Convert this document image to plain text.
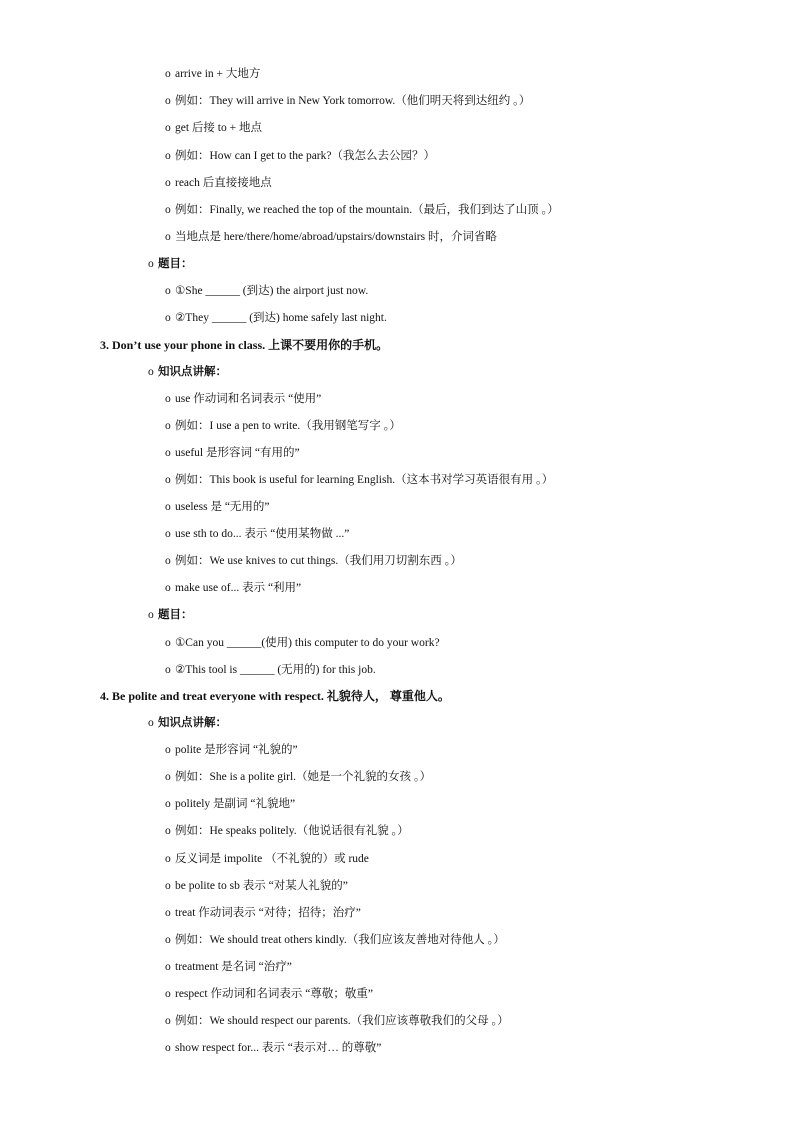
o arrive in + 大地方
o 例如：They will arrive in New York tomorrow.（他们明天将到达纽约 。）
o get 后接 to + 地点
o 例如：How can I get to the park?（我怎么去公园？）
o reach 后直接接地点
o 例如：Finally, we reached the top of the mountain.（最后，我们到达了山顶 。）
o 当地点是 here/there/home/abroad/upstairs/downstairs 时，介词省略
o 题目：
o ①She ______ (到达) the airport just now.
o ②They ______ (到达) home safely last night.
3. Don’t use your phone in class. 上课不要用你的手机。
o 知识点讲解：
o use 作动词和名词表示 “使用”
o 例如：I use a pen to write.（我用钢笔写字 。）
o useful 是形容词 “有用的”
o 例如：This book is useful for learning English.（这本书对学习英语很有用 。）
o useless 是 “无用的”
o use sth to do... 表示 “使用某物做 ...”
o 例如：We use knives to cut things.（我们用刀切割东西 。）
o make use of... 表示 “利用”
o 题目：
o ①Can you ______(使用) this computer to do your work?
o ②This tool is ______ (无用的) for this job.
4. Be polite and treat everyone with respect. 礼貌待人， 尊重他人。
o 知识点讲解：
o polite 是形容词 “礼貌的”
o 例如：She is a polite girl.（她是一个礼貌的女孩 。）
o politely 是副词 “礼貌地”
o 例如：He speaks politely.（他说话很有礼貌 。）
o 反义词是 impolite （不礼貌的）或 rude
o be polite to sb 表示 “对某人礼貌的”
o treat 作动词表示 “对待；招待；治疗”
o 例如：We should treat others kindly.（我们应该友善地对待他人 。）
o treatment 是名词 “治疗”
o respect 作动词和名词表示 “尊敬；敬重”
o 例如：We should respect our parents.（我们应该尊敬我们的父母 。）
o show respect for... 表示 “表示对… 的尊敬”
